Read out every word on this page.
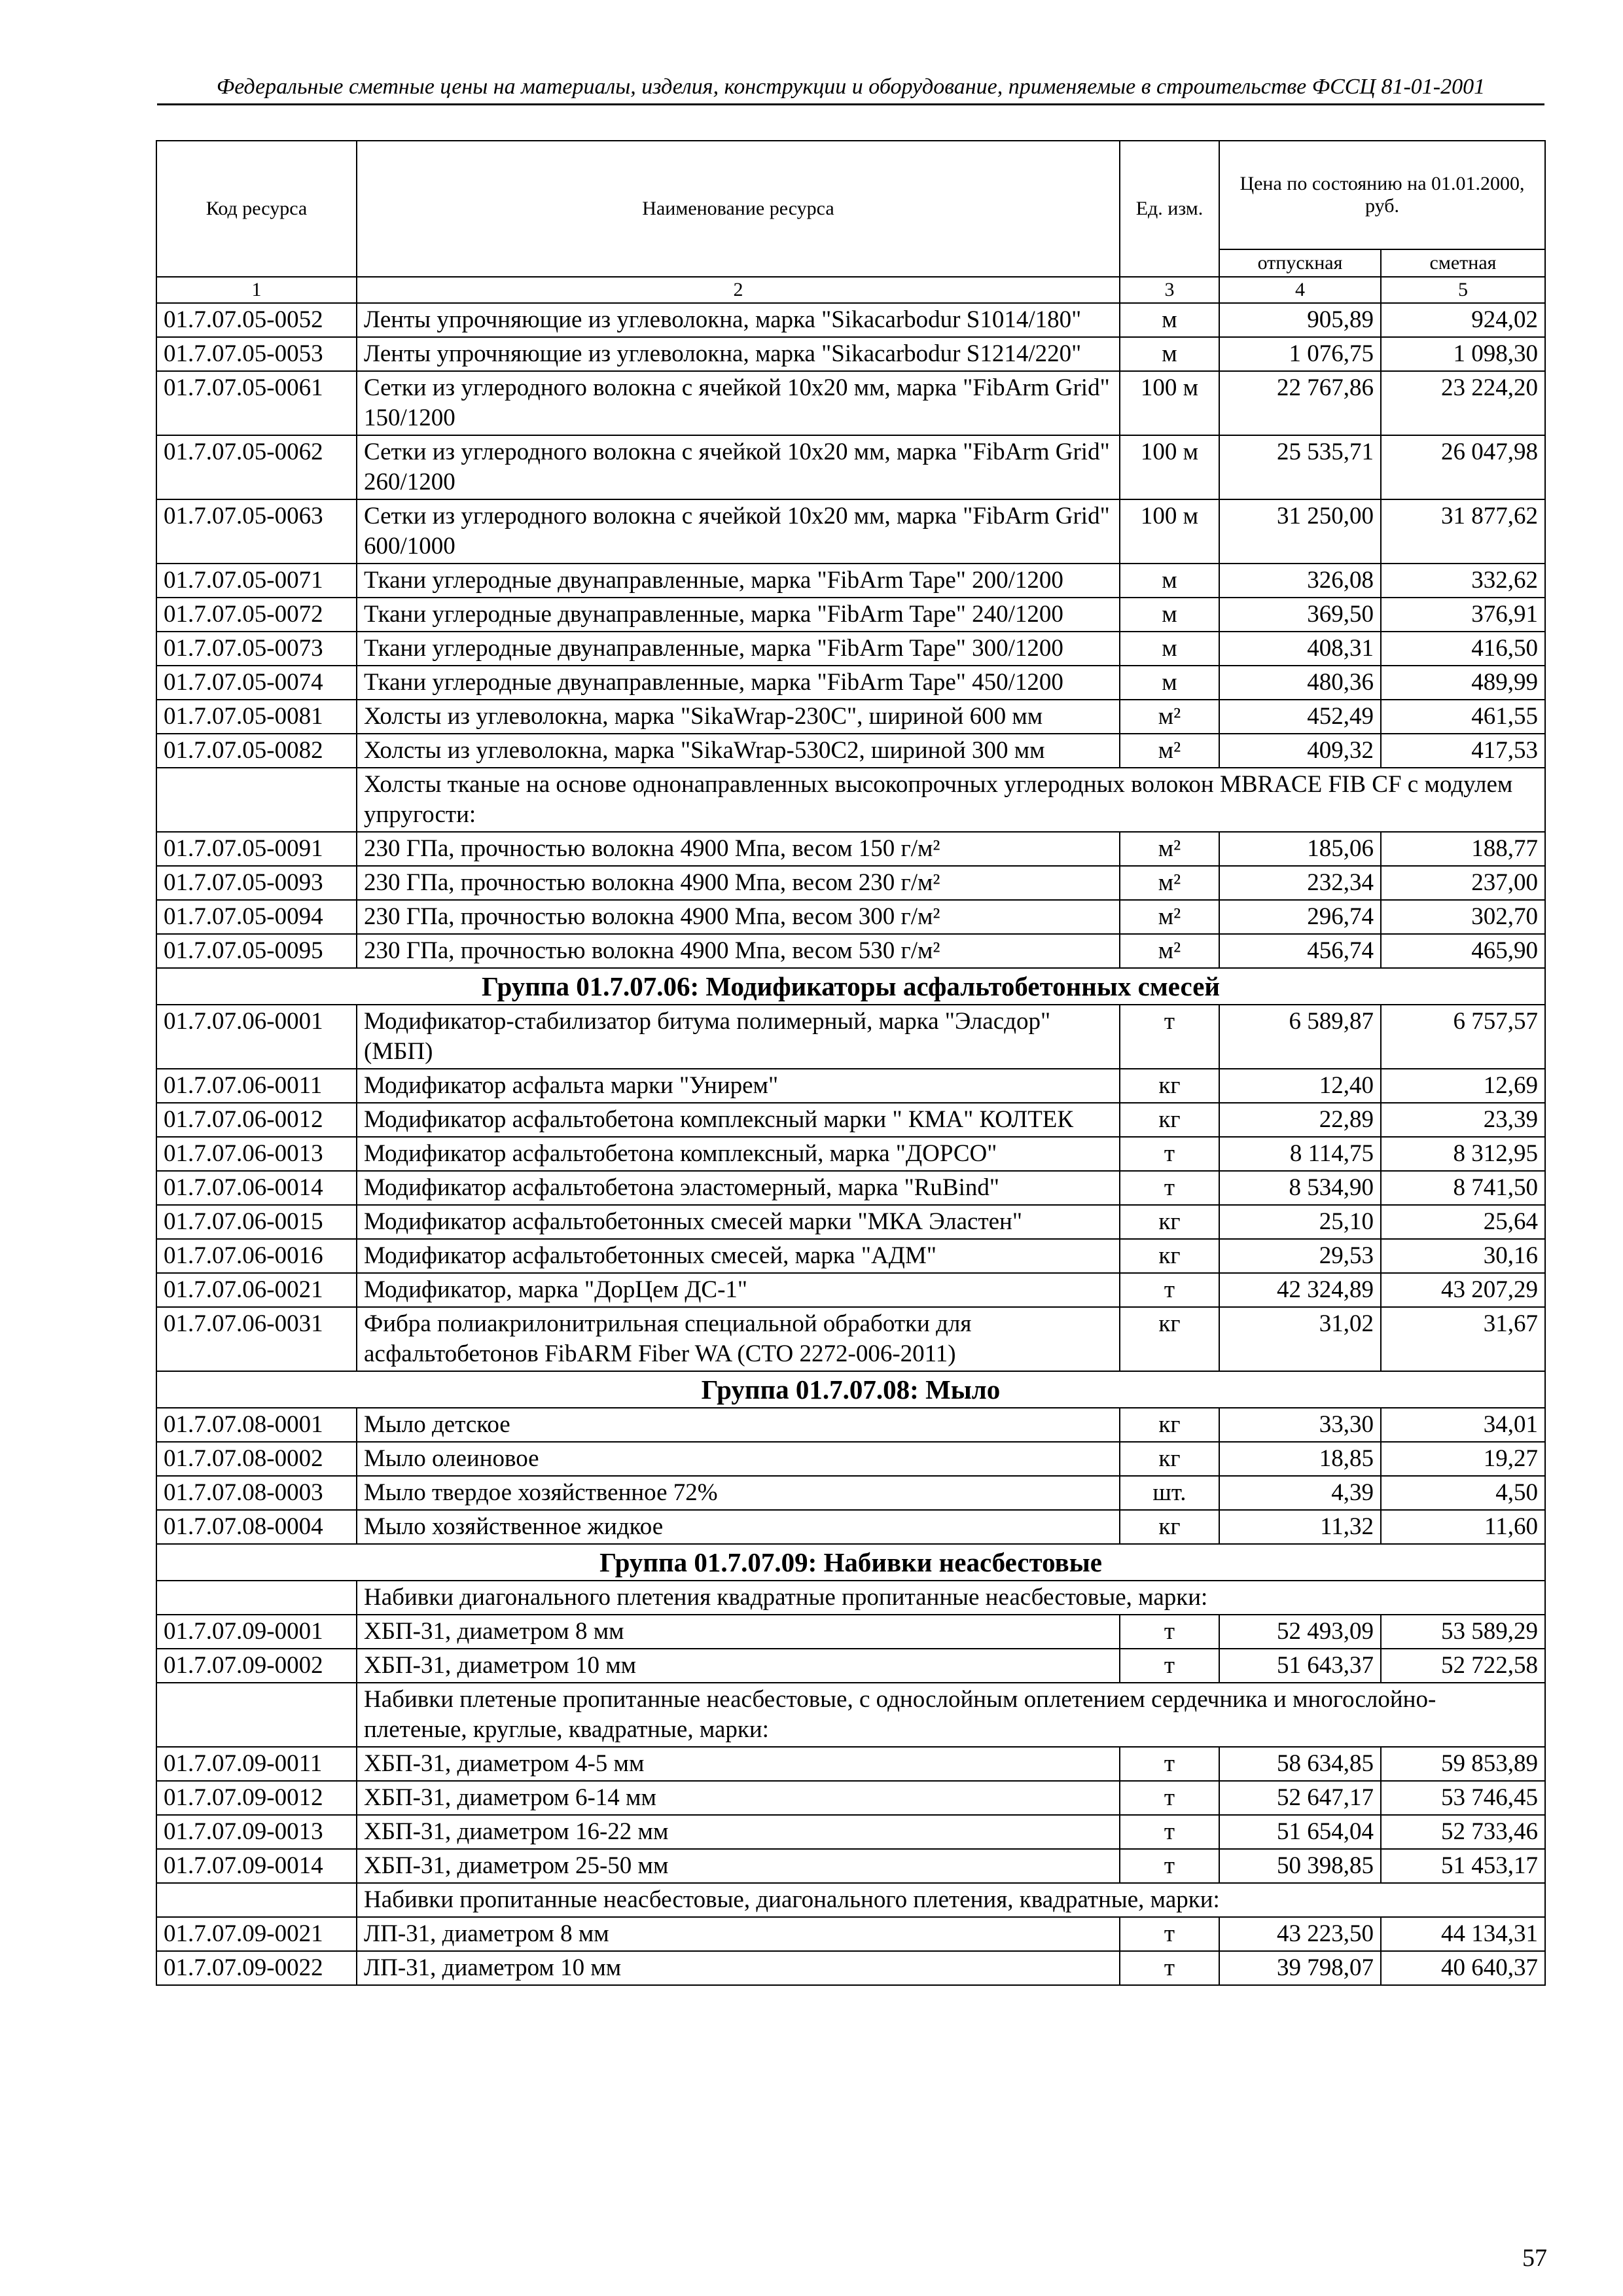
Федеральные сметные цены на материалы, изделия, конструкции и оборудование, применяемые в строительстве ФССЦ 81-01-2001
Код ресурса	Наименование ресурса	Ед. изм.	Цена по состоянию на 01.01.2000, руб.	
			отпускная	сметная
1	2	3	4	5
01.7.07.05-0052	Ленты упрочняющие из углеволокна, марка "Sikacarbodur S1014/180"	м	905,89	924,02
01.7.07.05-0053	Ленты упрочняющие из углеволокна, марка "Sikacarbodur S1214/220"	м	1 076,75	1 098,30
01.7.07.05-0061	Сетки из углеродного волокна с ячейкой 10х20 мм, марка "FibArm Grid" 150/1200	100 м	22 767,86	23 224,20
01.7.07.05-0062	Сетки из углеродного волокна с ячейкой 10х20 мм, марка "FibArm Grid" 260/1200	100 м	25 535,71	26 047,98
01.7.07.05-0063	Сетки из углеродного волокна с ячейкой 10х20 мм, марка "FibArm Grid" 600/1000	100 м	31 250,00	31 877,62
01.7.07.05-0071	Ткани углеродные двунаправленные, марка "FibArm Tape" 200/1200	м	326,08	332,62
01.7.07.05-0072	Ткани углеродные двунаправленные, марка "FibArm Tape" 240/1200	м	369,50	376,91
01.7.07.05-0073	Ткани углеродные двунаправленные, марка "FibArm Tape" 300/1200	м	408,31	416,50
01.7.07.05-0074	Ткани углеродные двунаправленные, марка "FibArm Tape" 450/1200	м	480,36	489,99
01.7.07.05-0081	Холсты из углеволокна, марка "SikaWrap-230C", шириной 600 мм	м²	452,49	461,55
01.7.07.05-0082	Холсты из углеволокна, марка "SikaWrap-530C2, шириной 300 мм	м²	409,32	417,53
	Холсты тканые на основе однонаправленных высокопрочных углеродных волокон MBRACE FIB CF с модулем упругости:			
01.7.07.05-0091	230 ГПа, прочностью волокна 4900 Мпа, весом 150 г/м²	м²	185,06	188,77
01.7.07.05-0093	230 ГПа, прочностью волокна 4900 Мпа, весом 230 г/м²	м²	232,34	237,00
01.7.07.05-0094	230 ГПа, прочностью волокна 4900 Мпа, весом 300 г/м²	м²	296,74	302,70
01.7.07.05-0095	230 ГПа, прочностью волокна 4900 Мпа, весом 530 г/м²	м²	456,74	465,90
Группа 01.7.07.06: Модификаторы асфальтобетонных смесей				
01.7.07.06-0001	Модификатор-стабилизатор битума полимерный, марка "Эласдор"(МБП)	т	6 589,87	6 757,57
01.7.07.06-0011	Модификатор асфальта марки "Унирем"	кг	12,40	12,69
01.7.07.06-0012	Модификатор асфальтобетона комплексный марки " КМА" КОЛТЕК	кг	22,89	23,39
01.7.07.06-0013	Модификатор асфальтобетона комплексный, марка "ДОРСО"	т	8 114,75	8 312,95
01.7.07.06-0014	Модификатор асфальтобетона эластомерный, марка "RuBind"	т	8 534,90	8 741,50
01.7.07.06-0015	Модификатор асфальтобетонных смесей марки "МКА Эластен"	кг	25,10	25,64
01.7.07.06-0016	Модификатор асфальтобетонных смесей, марка "АДМ"	кг	29,53	30,16
01.7.07.06-0021	Модификатор, марка "ДорЦем ДС-1"	т	42 324,89	43 207,29
01.7.07.06-0031	Фибра полиакрилонитрильная специальной обработки для асфальтобетонов FibARM Fiber WA (СТО 2272-006-2011)	кг	31,02	31,67
Группа 01.7.07.08: Мыло				
01.7.07.08-0001	Мыло детское	кг	33,30	34,01
01.7.07.08-0002	Мыло олеиновое	кг	18,85	19,27
01.7.07.08-0003	Мыло твердое хозяйственное 72%	шт.	4,39	4,50
01.7.07.08-0004	Мыло хозяйственное жидкое	кг	11,32	11,60
Группа 01.7.07.09: Набивки неасбестовые				
	Набивки диагонального плетения квадратные пропитанные неасбестовые, марки:			
01.7.07.09-0001	ХБП-31, диаметром 8 мм	т	52 493,09	53 589,29
01.7.07.09-0002	ХБП-31, диаметром 10 мм	т	51 643,37	52 722,58
	Набивки плетеные пропитанные неасбестовые, с однослойным оплетением сердечника и многослойно-плетеные, круглые, квадратные, марки:			
01.7.07.09-0011	ХБП-31, диаметром 4-5 мм	т	58 634,85	59 853,89
01.7.07.09-0012	ХБП-31, диаметром 6-14 мм	т	52 647,17	53 746,45
01.7.07.09-0013	ХБП-31, диаметром 16-22 мм	т	51 654,04	52 733,46
01.7.07.09-0014	ХБП-31, диаметром 25-50 мм	т	50 398,85	51 453,17
	Набивки пропитанные неасбестовые, диагонального плетения, квадратные, марки:			
01.7.07.09-0021	ЛП-31, диаметром 8 мм	т	43 223,50	44 134,31
01.7.07.09-0022	ЛП-31, диаметром 10 мм	т	39 798,07	40 640,37
57
